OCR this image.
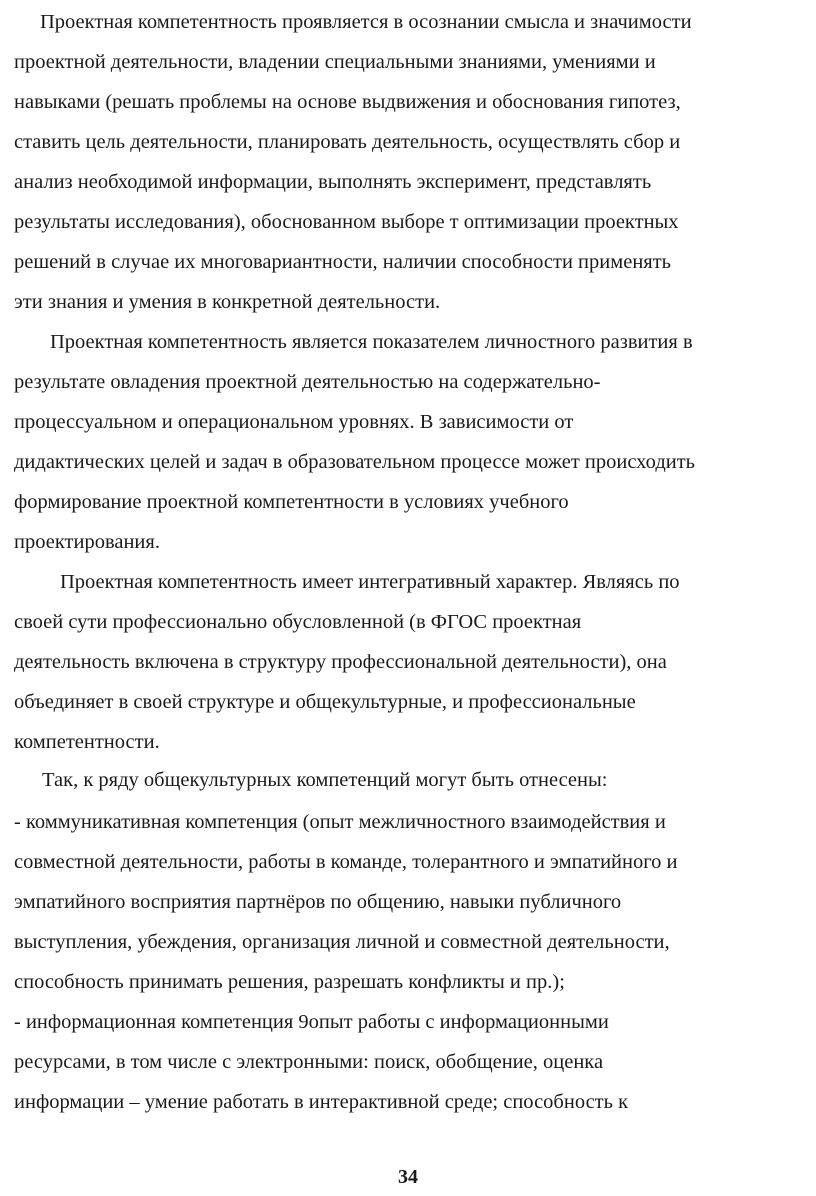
Проектная компетентность проявляется в осознании смысла и значимости
проектной деятельности, владении специальными знаниями, умениями и
навыками (решать проблемы на основе выдвижения и обоснования гипотез,
ставить цель деятельности, планировать деятельность, осуществлять сбор и
анализ необходимой информации, выполнять эксперимент, представлять
результаты исследования), обоснованном выборе т оптимизации проектных
решений в случае их многовариантности, наличии способности применять
эти знания и умения в конкретной деятельности.
Проектная компетентность является показателем личностного развития в
результате овладения проектной деятельностью на содержательно-
процессуальном и операциональном уровнях. В зависимости от
дидактических целей и задач в образовательном процессе может происходить
формирование проектной компетентности в условиях учебного
проектирования.
Проектная компетентность имеет интегративный характер. Являясь по
своей сути профессионально обусловленной (в ФГОС проектная
деятельность включена в структуру профессиональной деятельности), она
объединяет в своей структуре и общекультурные, и профессиональные
компетентности.
Так, к ряду общекультурных компетенций могут быть отнесены:
- коммуникативная компетенция (опыт межличностного взаимодействия и
совместной деятельности, работы в команде, толерантного и эмпатийного и
эмпатийного восприятия партнёров по общению, навыки публичного
выступления, убеждения, организация личной и совместной деятельности,
способность принимать решения, разрешать конфликты и пр.);
- информационная компетенция 9опыт работы с информационными
ресурсами, в том числе с электронными: поиск, обобщение, оценка
информации – умение работать в интерактивной среде; способность к
34
